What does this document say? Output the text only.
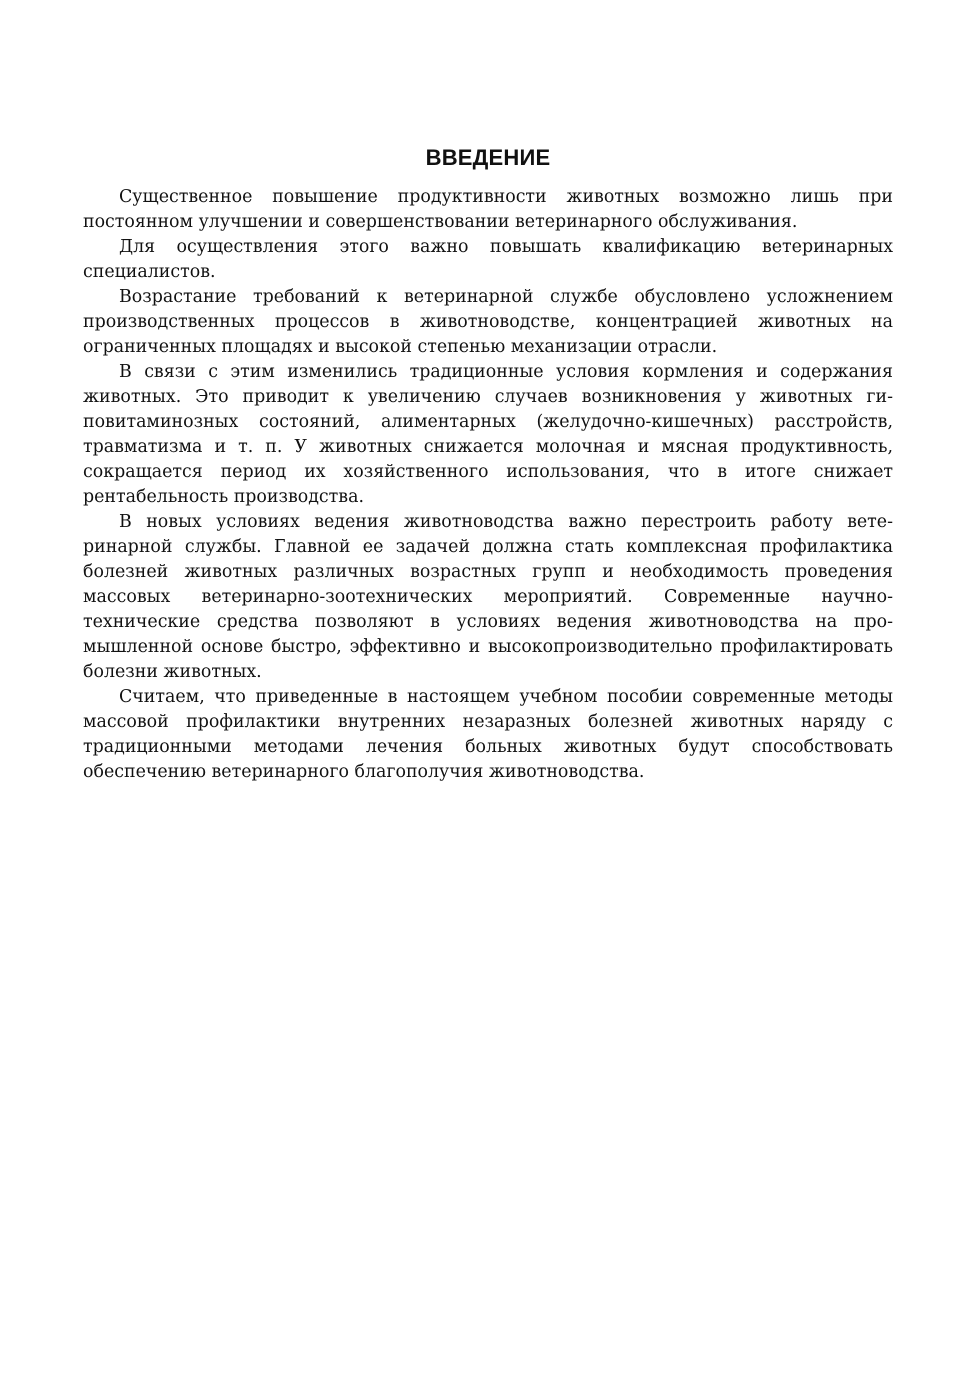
ВВЕДЕНИЕ

Существенное повышение продуктивности животных возможно лишь при постоянном улучшении и совершенствовании ветеринарного обслуживания.

Для осуществления этого важно повышать квалификацию ветеринарных специалистов.

Возрастание требований к ветеринарной службе обусловлено усложнением производственных процессов в животноводстве, концентрацией животных на ограниченных площадях и высокой степенью механизации отрасли.

В связи с этим изменились традиционные условия кормления и содержания животных. Это приводит к увеличению случаев возникновения у животных гиповитаминозных состояний, алиментарных (желудочно-кишечных) расстройств, травматизма и т. п. У животных снижается молочная и мясная продуктивность, сокращается период их хозяйственного использования, что в итоге снижает рентабельность производства.

В новых условиях ведения животноводства важно перестроить работу ветеринарной службы. Главной ее задачей должна стать комплексная профилактика болезней животных различных возрастных групп и необходимость проведения массовых ветеринарно-зоотехнических мероприятий. Современные научнотехнические средства позволяют в условиях ведения животноводства на промышленной основе быстро, эффективно и высокопроизводительно профилактировать болезни животных.

Считаем, что приведенные в настоящем учебном пособии современные методы массовой профилактики внутренних незаразных болезней животных наряду с традиционными методами лечения больных животных будут способствовать обеспечению ветеринарного благополучия животноводства.
